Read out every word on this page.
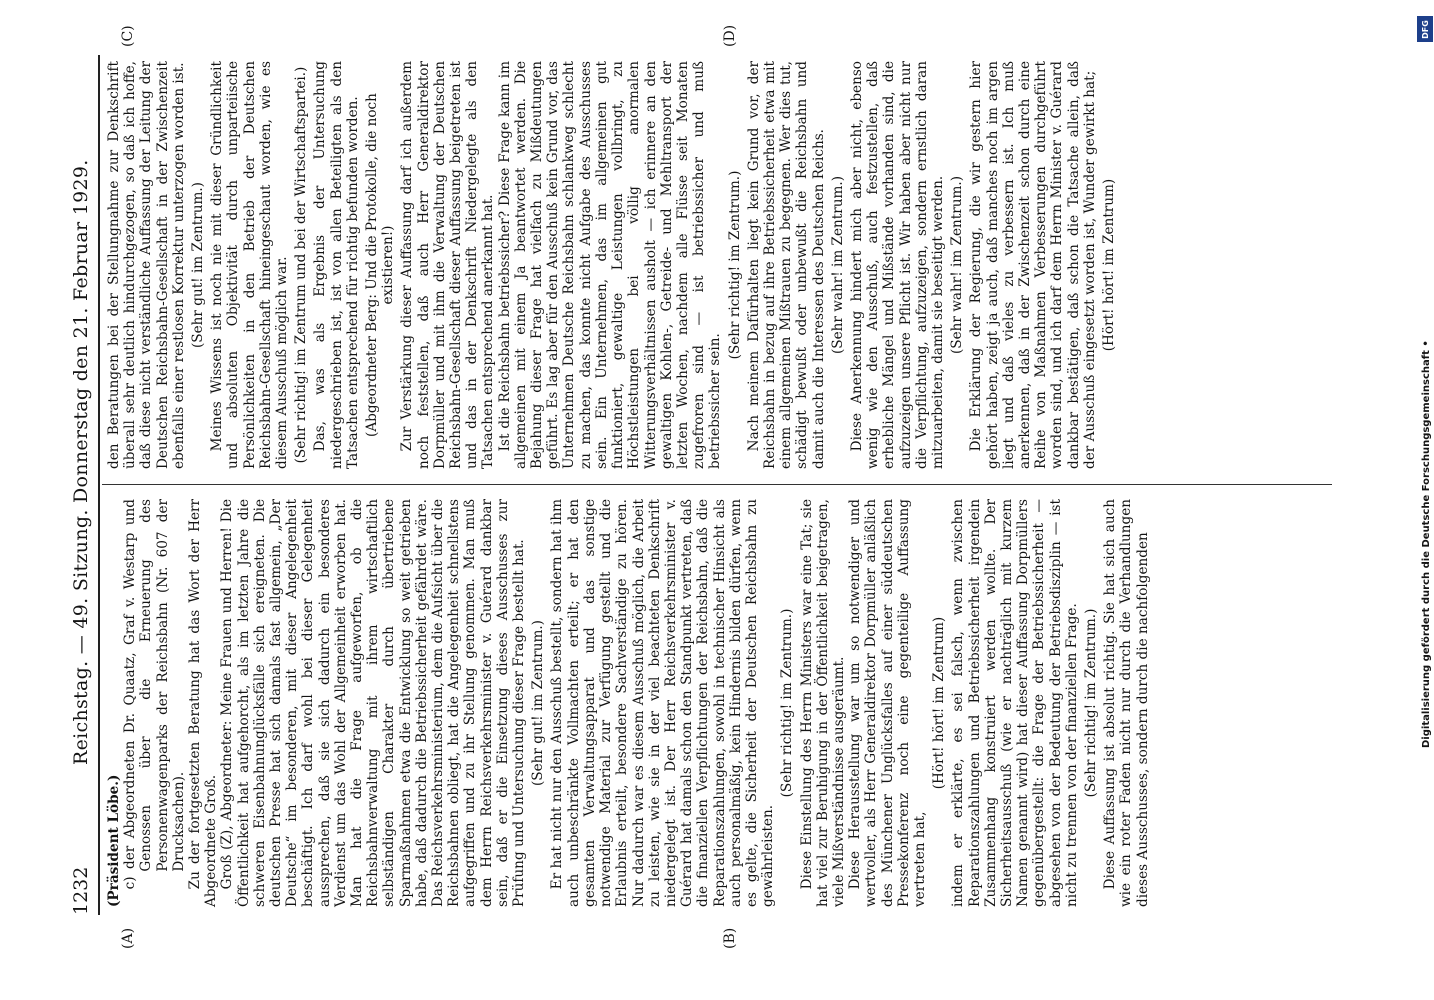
1232
Reichstag. — 49. Sitzung. Donnerstag den 21. Februar 1929.
(A)	(B)
(C)	(D)

(Präsident Löbe.) c) der Abgeordneten Dr. Quaatz, Graf v. Westarp und Genossen über die Erneuerung des Personenwagenparks der Reichsbahn (Nr. 607 der Drucksachen). Zu der fortgesetzten Beratung hat das Wort der Herr Abgeordnete Groß. Groß (Z), Abgeordneter: Meine Frauen und Herren! Die Öffentlichkeit hat aufgehorcht, als im letzten Jahre die schweren Eisenbahnunglücksfälle sich ereigneten. Die deutschen Presse hat sich damals fast allgemein, „Der Deutsche“ im besonderen, mit dieser Angelegenheit beschäftigt. Ich darf wohl bei dieser Gelegenheit aussprechen, daß sie sich dadurch ein besonderes Verdienst um das Wohl der Allgemeinheit erworben hat. Man hat die Frage aufgeworfen, ob die Reichsbahnverwaltung mit ihrem wirtschaftlich selbständigen Charakter durch übertriebene Sparmaßnahmen etwa die Entwicklung so weit getrieben habe, daß dadurch die Betriebssicherheit gefährdet wäre. Das Reichsverkehrsministerium, dem die Aufsicht über die Reichsbahnen obliegt, hat die Angelegenheit schnellstens aufgegriffen und zu ihr Stellung genommen. Man muß dem Herrn Reichsverkehrsminister v. Guérard dankbar sein, daß er die Einsetzung dieses Ausschusses zur Prüfung und Untersuchung dieser Frage bestellt hat. (Sehr gut! im Zentrum.) Er hat nicht nur den Ausschuß bestellt, sondern hat ihm auch unbeschränkte Vollmachten erteilt; er hat den gesamten Verwaltungsapparat und das sonstige notwendige Material zur Verfügung gestellt und die Erlaubnis erteilt, besondere Sachverständige zu hören. Nur dadurch war es diesem Ausschuß möglich, die Arbeit zu leisten, wie sie in der viel beachteten Denkschrift niedergelegt ist. Der Herr Reichsverkehrsminister v. Guérard hat damals schon den Standpunkt vertreten, daß die finanziellen Verpflichtungen der Reichsbahn, daß die Reparationszahlungen, sowohl in technischer Hinsicht als auch personalmäßig, kein Hindernis bilden dürfen, wenn es gelte, die Sicherheit der Deutschen Reichsbahn zu gewährleisten.

(Sehr richtig! im Zentrum.) Diese Einstellung des Herrn Ministers war eine Tat; sie hat viel zur Beruhigung in der Öffentlichkeit beigetragen, viele Mißverständnisse ausgeräumt. Diese Herausstellung war um so notwendiger und wertvoller, als Herr Generaldirektor Dorpmüller anläßlich des Münchener Unglücksfalles auf einer süddeutschen Pressekonferenz noch eine gegenteilige Auffassung vertreten hat,

(Hört! hört! im Zentrum) indem er erklärte, es sei falsch, wenn zwischen Reparationszahlungen und Betriebssicherheit irgendein Zusammenhang konstruiert werden wollte. Der Sicherheitsausschuß (wie er nachträglich mit kurzem Namen genannt wird) hat dieser Auffassung Dorpmüllers gegenübergestellt: die Frage der Betriebssicherheit — abgesehen von der Bedeutung der Betriebsdisziplin — ist nicht zu trennen von der finanziellen Frage. (Sehr richtig! im Zentrum.) Diese Auffassung ist absolut richtig. Sie hat sich auch wie ein roter Faden nicht nur durch die Verhandlungen dieses Ausschusses, sondern durch die nachfolgenden

den Beratungen bei der Stellungnahme zur Denkschrift überall sehr deutlich hindurchgezogen, so daß ich hoffe, daß diese nicht verständliche Auffassung der Leitung der Deutschen Reichsbahn-Gesellschaft in der Zwischenzeit ebenfalls einer restlosen Korrektur unterzogen worden ist. (Sehr gut! im Zentrum.) Meines Wissens ist noch nie mit dieser Gründlichkeit und absoluten Objektivität durch unparteiische Persönlichkeiten in den Betrieb der Deutschen Reichsbahn-Gesellschaft hineingeschaut worden, wie es diesem Ausschuß möglich war. (Sehr richtig! im Zentrum und bei der Wirtschaftspartei.) Das, was als Ergebnis der Untersuchung niedergeschrieben ist, ist von allen Beteiligten als den Tatsachen entsprechend für richtig befunden worden. (Abgeordneter Berg: Und die Protokolle, die noch existieren!) Zur Verstärkung dieser Auffassung darf ich außerdem noch feststellen, daß auch Herr Generaldirektor Dorpmüller und mit ihm die Verwaltung der Deutschen Reichsbahn-Gesellschaft dieser Auffassung beigetreten ist und das in der Denkschrift Niedergelegte als den Tatsachen entsprechend anerkannt hat. Ist die Reichsbahn betriebssicher? Diese Frage kann im allgemeinen mit einem Ja beantwortet werden. Die Bejahung dieser Frage hat vielfach zu Mißdeutungen geführt. Es lag aber für den Ausschuß kein Grund vor, das Unternehmen Deutsche Reichsbahn schlankweg schlecht zu machen, das konnte nicht Aufgabe des Ausschusses sein. Ein Unternehmen, das im allgemeinen gut funktioniert, gewaltige Leistungen vollbringt, zu Höchstleistungen bei völlig anormalen Witterungsverhältnissen ausholt — ich erinnere an den gewaltigen Kohlen-, Getreide- und Mehltransport der letzten Wochen, nachdem alle Flüsse seit Monaten zugefroren sind — ist betriebssicher und muß betriebssicher sein.

(Sehr richtig! im Zentrum.) Nach meinem Dafürhalten liegt kein Grund vor, der Reichsbahn in bezug auf ihre Betriebssicherheit etwa mit einem allgemeinen Mißtrauen zu begegnen. Wer dies tut, schädigt bewußt oder unbewußt die Reichsbahn und damit auch die Interessen des Deutschen Reichs. (Sehr wahr! im Zentrum.) Diese Anerkennung hindert mich aber nicht, ebenso wenig wie den Ausschuß, auch festzustellen, daß erhebliche Mängel und Mißstände vorhanden sind, die aufzuzeigen unsere Pflicht ist. Wir haben aber nicht nur die Verpflichtung, aufzuzeigen, sondern ernstlich daran mitzuarbeiten, damit sie beseitigt werden. (Sehr wahr! im Zentrum.) Die Erklärung der Regierung, die wir gestern hier gehört haben, zeigt ja auch, daß manches noch im argen liegt und daß vieles zu verbessern ist. Ich muß anerkennen, daß in der Zwischenzeit schon durch eine Reihe von Maßnahmen Verbesserungen durchgeführt worden sind, und ich darf dem Herrn Minister v. Guérard dankbar bestätigen, daß schon die Tatsache allein, daß der Ausschuß eingesetzt worden ist, Wunder gewirkt hat; (Hört! hört! im Zentrum)

DFG
Digitalisierung gefördert durch die Deutsche Forschungsgemeinschaft •
